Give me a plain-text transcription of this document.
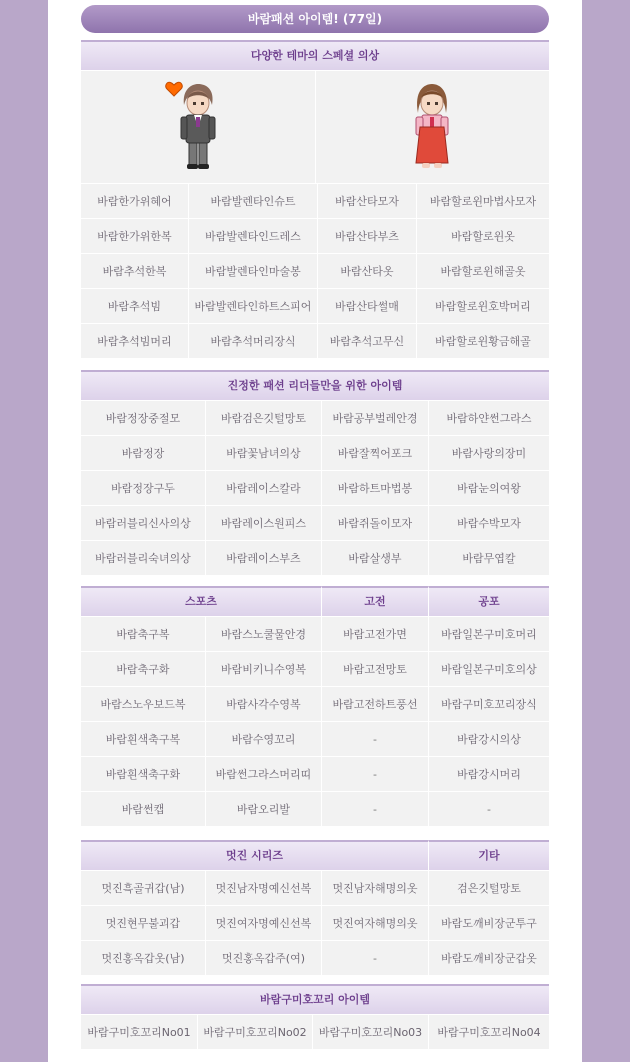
바람패션 아이템! (77일)
다양한 테마의 스페셜 의상
바람한가위혜어	바람발렌타인슈트	바람산타모자	바람할로윈마법사모자
바람한가위한복	바람발렌타인드레스	바람산타부츠	바람할로윈옷
바람추석한복	바람발렌타인마술봉	바람산타옷	바람할로윈해골옷
바람추석빔	바람발렌타인하트스피어	바람산타썰매	바람할로윈호박머리
바람추석빔머리	바람추석머리장식	바람추석고무신	바람할로윈황금해골
진정한 패션 리더들만을 위한 아이템
바람정장중절모	바람검은깃털망토	바람공부벌레안경	바람하얀썬그라스
바람정장	바람꽃남녀의상	바람잘찍어포크	바람사랑의장미
바람정장구두	바람레이스칼라	바람하트마법봉	바람눈의여왕
바람러블리신사의상	바람레이스원피스	바람쥐돌이모자	바람수박모자
바람러블리숙녀의상	바람레이스부츠	바람살생부	바람무엽칼
스포츠	고전	공포
바람축구복	바람스노쿨물안경	바람고전가면	바람일본구미호머리
바람축구화	바람비키니수영복	바람고전망토	바람일본구미호의상
바람스노우보드복	바람사각수영복	바람고전하트풍선	바람구미호꼬리장식
바람흰색축구복	바람수영꼬리	-	바람강시의상
바람흰색축구화	바람썬그라스머리띠	-	바람강시머리
바람썬캡	바람오리발	-	-
멋진 시리즈	기타
멋진흑골귀갑(남)	멋진남자명예신선복	멋진남자해명의옷	검은깃털망토
멋진현무불괴갑	멋진여자명예신선복	멋진여자해명의옷	바람도깨비장군투구
멋진홍옥갑옷(남)	멋진홍옥갑주(여)	-	바람도깨비장군갑옷
바람구미호꼬리 아이템
바람구미호꼬리No01	바람구미호꼬리No02	바람구미호꼬리No03	바람구미호꼬리No04
